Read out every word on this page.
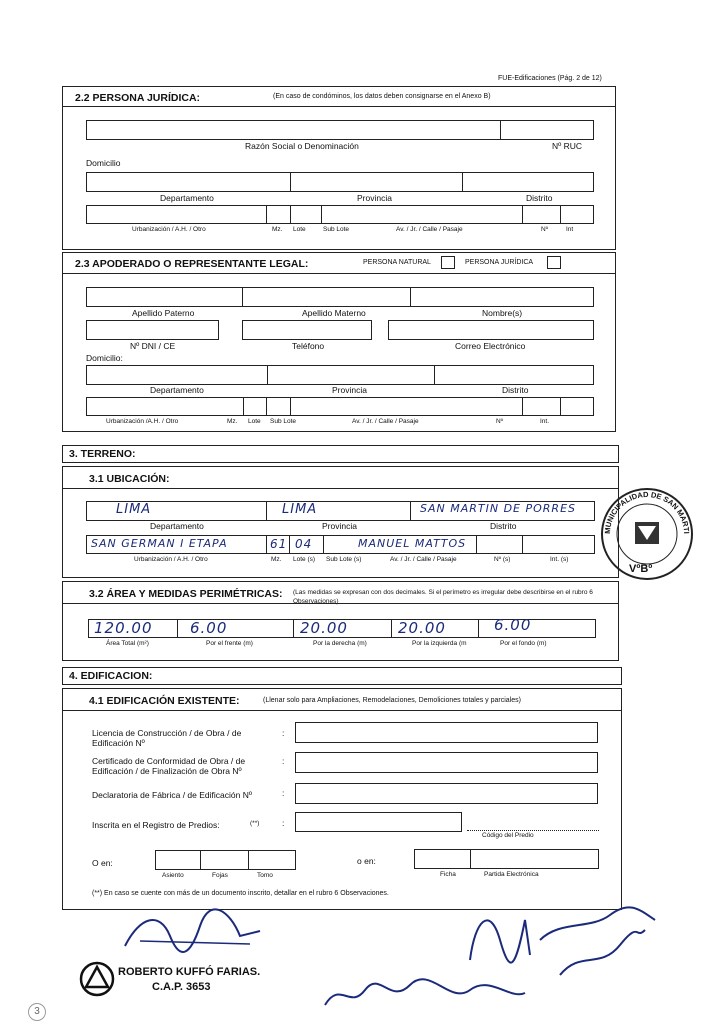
FUE-Edificaciones (Pág. 2 de 12)
2.2 PERSONA JURÍDICA:	(En caso de condóminos, los datos deben consignarse en el Anexo B)
Razón Social o Denominación	Nº RUC
Domicilio
Departamento	Provincia	Distrito
Urbanización / A.H. / Otro	Mz. Lote	Sub Lote	Av. / Jr. / Calle / Pasaje	Nº	Int
2.3 APODERADO O REPRESENTANTE LEGAL:	PERSONA NATURAL	PERSONA JURÍDICA
Apellido Paterno	Apellido Materno	Nombre(s)
Nº DNI / CE	Teléfono	Correo Electrónico
Domicilio:
Departamento	Provincia	Distrito
Urbanización /A.H. / Otro	Mz. Lote Sub Lote	Av. / Jr. / Calle / Pasaje	Nº	Int.
3. TERRENO:
3.1 UBICACIÓN:
LIMA	LIMA	SAN MARTIN DE PORRES
Departamento	Provincia	Distrito
SAN GERMAN I ETAPA	61 04	MANUEL MATTOS
Urbanización / A.H. / Otro	Mz. Lote (s) Sub Lote (s)	Av. / Jr. / Calle / Pasaje	Nº (s)	Int. (s)
3.2 ÁREA Y MEDIDAS PERIMÉTRICAS: (Las medidas se expresan con dos decimales. Si el perímetro es irregular debe describirse en el rubro 6 Observaciones)
120.00	6.00	20.00	20.00	6.00
Área Total (m²)	Por el frente (m)	Por la derecha (m)	Por la izquierda (m	Por el fondo (m)
4. EDIFICACION:
4.1 EDIFICACIÓN EXISTENTE:	(Llenar solo para Ampliaciones, Remodelaciones, Demoliciones totales y parciales)
Licencia de Construcción / de Obra / de
Edificación Nº
:
Certificado de Conformidad de Obra / de
Edificación / de Finalización de Obra Nº
:
Declaratoria de Fábrica / de Edificación Nº	:
Inscrita en el Registro de Predios:	(**)	:
Código del Predio
O en:
Asiento	Fojas	Tomo
o en:
Ficha	Partida Electrónica
(**) En caso se cuente con más de un documento inscrito, detallar en el rubro 6 Observaciones.
MUNICIPALIDAD DE SAN MARTI
VºBº
ROBERTO KUFFÓ FARIAS.
C.A.P. 3653
3
